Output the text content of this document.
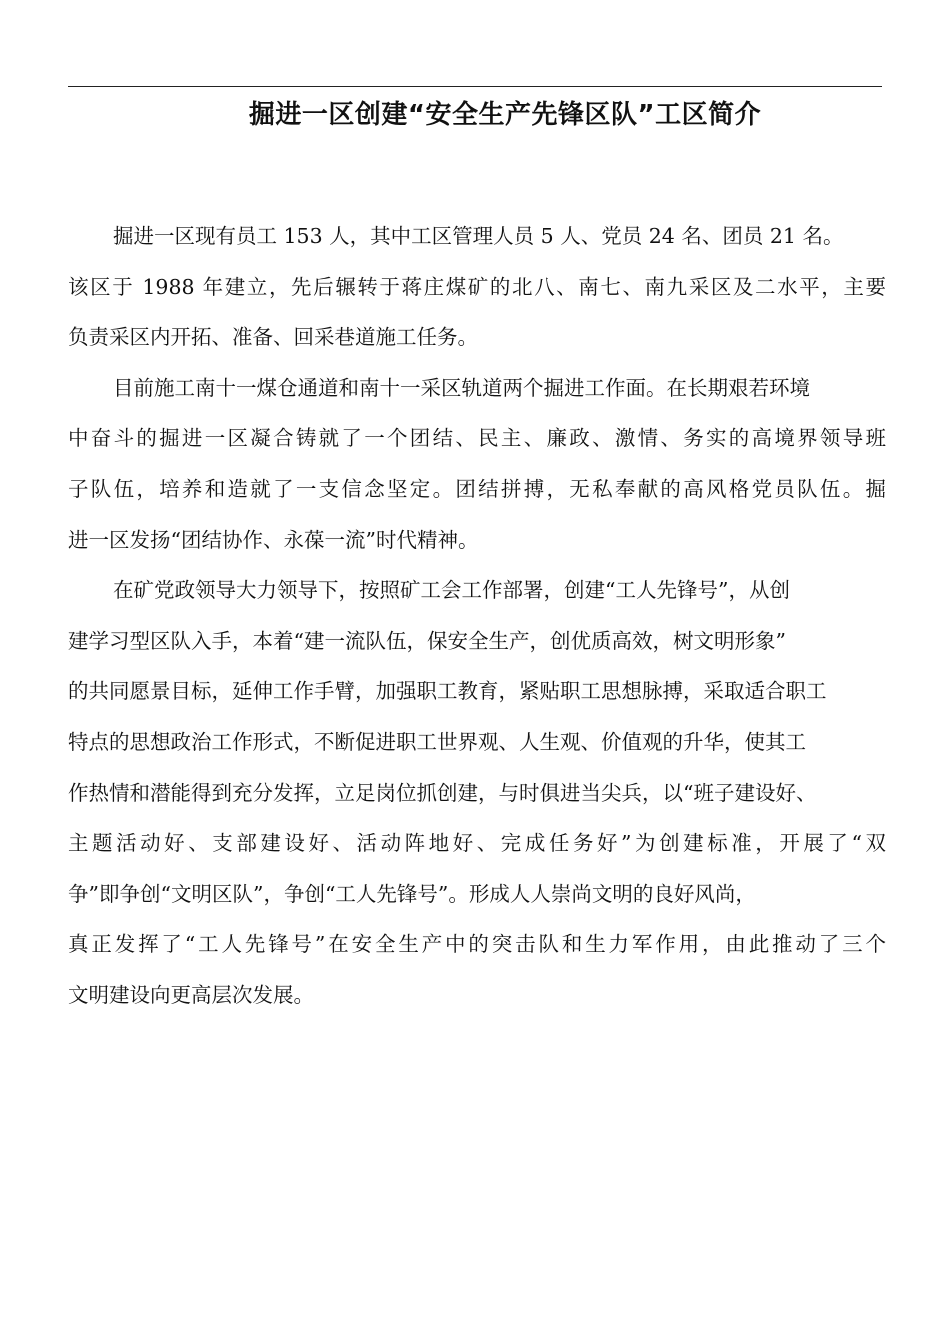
掘进一区创建“安全生产先锋区队”工区简介
掘进一区现有员工 153 人，其中工区管理人员 5 人、党员 24 名、团员 21 名。
该区于 1988 年建立，先后辗转于蒋庄煤矿的北八、南七、南九采区及二水平，主要
负责采区内开拓、准备、回采巷道施工任务。
目前施工南十一煤仓通道和南十一采区轨道两个掘进工作面。在长期艰若环境
中奋斗的掘进一区凝合铸就了一个团结、民主、廉政、激情、务实的高境界领导班
子队伍，培养和造就了一支信念坚定。团结拼搏，无私奉献的高风格党员队伍。掘
进一区发扬“团结协作、永葆一流”时代精神。
在矿党政领导大力领导下，按照矿工会工作部署，创建“工人先锋号”，从创
建学习型区队入手，本着“建一流队伍，保安全生产，创优质高效，树文明形象”
的共同愿景目标，延伸工作手臂，加强职工教育，紧贴职工思想脉搏，采取适合职工
特点的思想政治工作形式，不断促进职工世界观、人生观、价值观的升华，使其工
作热情和潜能得到充分发挥，立足岗位抓创建，与时俱进当尖兵，以“班子建设好、
主题活动好、支部建设好、活动阵地好、完成任务好”为创建标准，开展了“双
争”即争创“文明区队”，争创“工人先锋号”。形成人人崇尚文明的良好风尚，
真正发挥了“工人先锋号”在安全生产中的突击队和生力军作用，由此推动了三个
文明建设向更高层次发展。
